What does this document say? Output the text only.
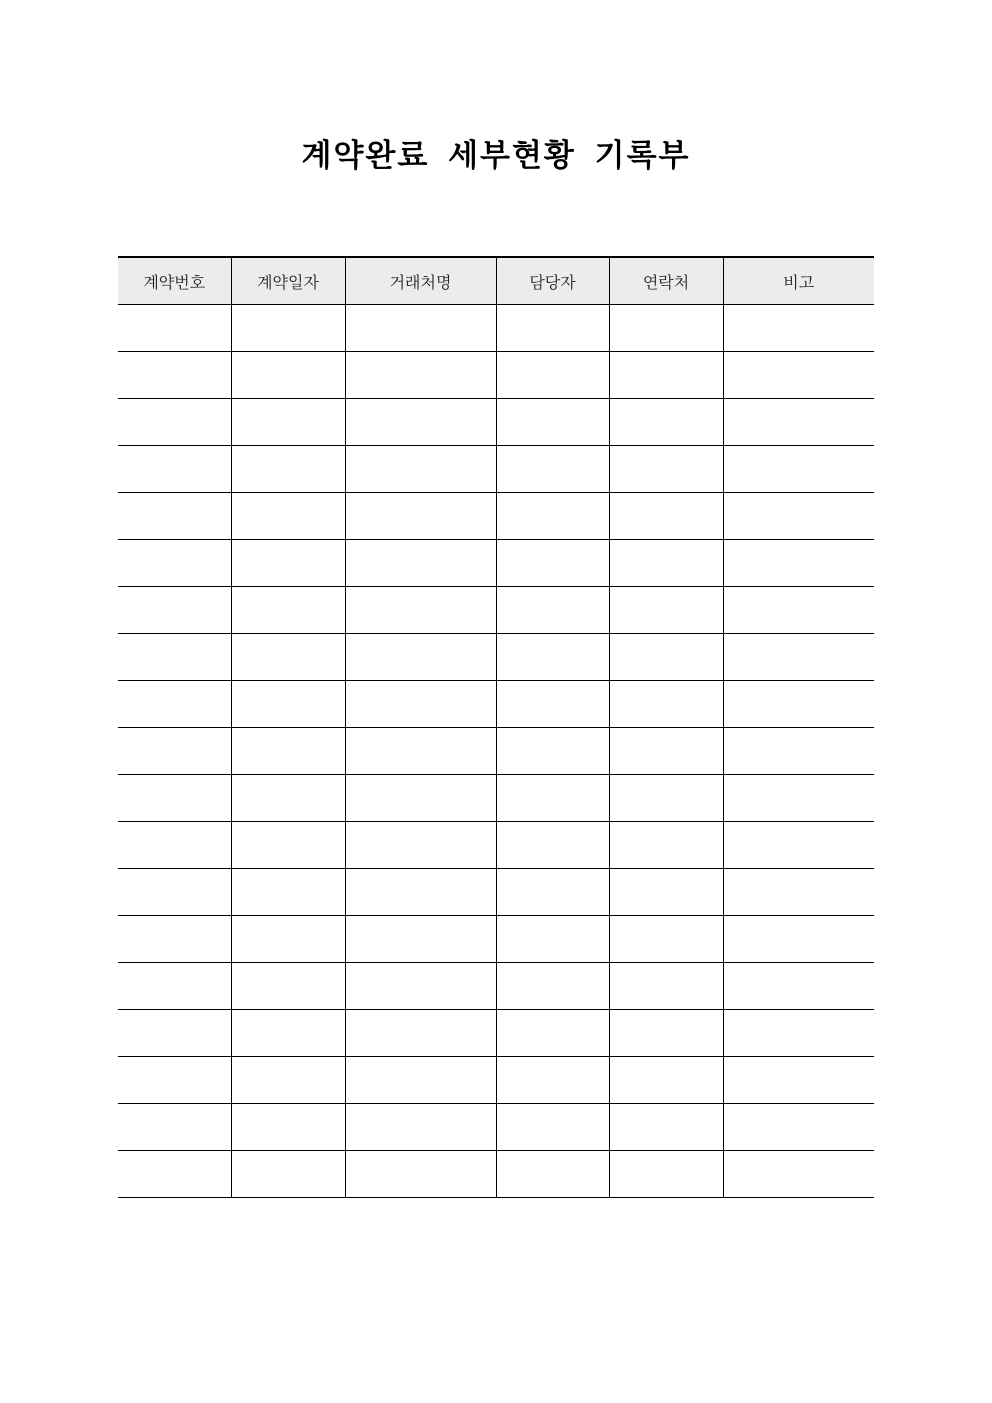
계약완료 세부현황 기록부
계약번호	계약일자	거래처명	담당자	연락처	비고
